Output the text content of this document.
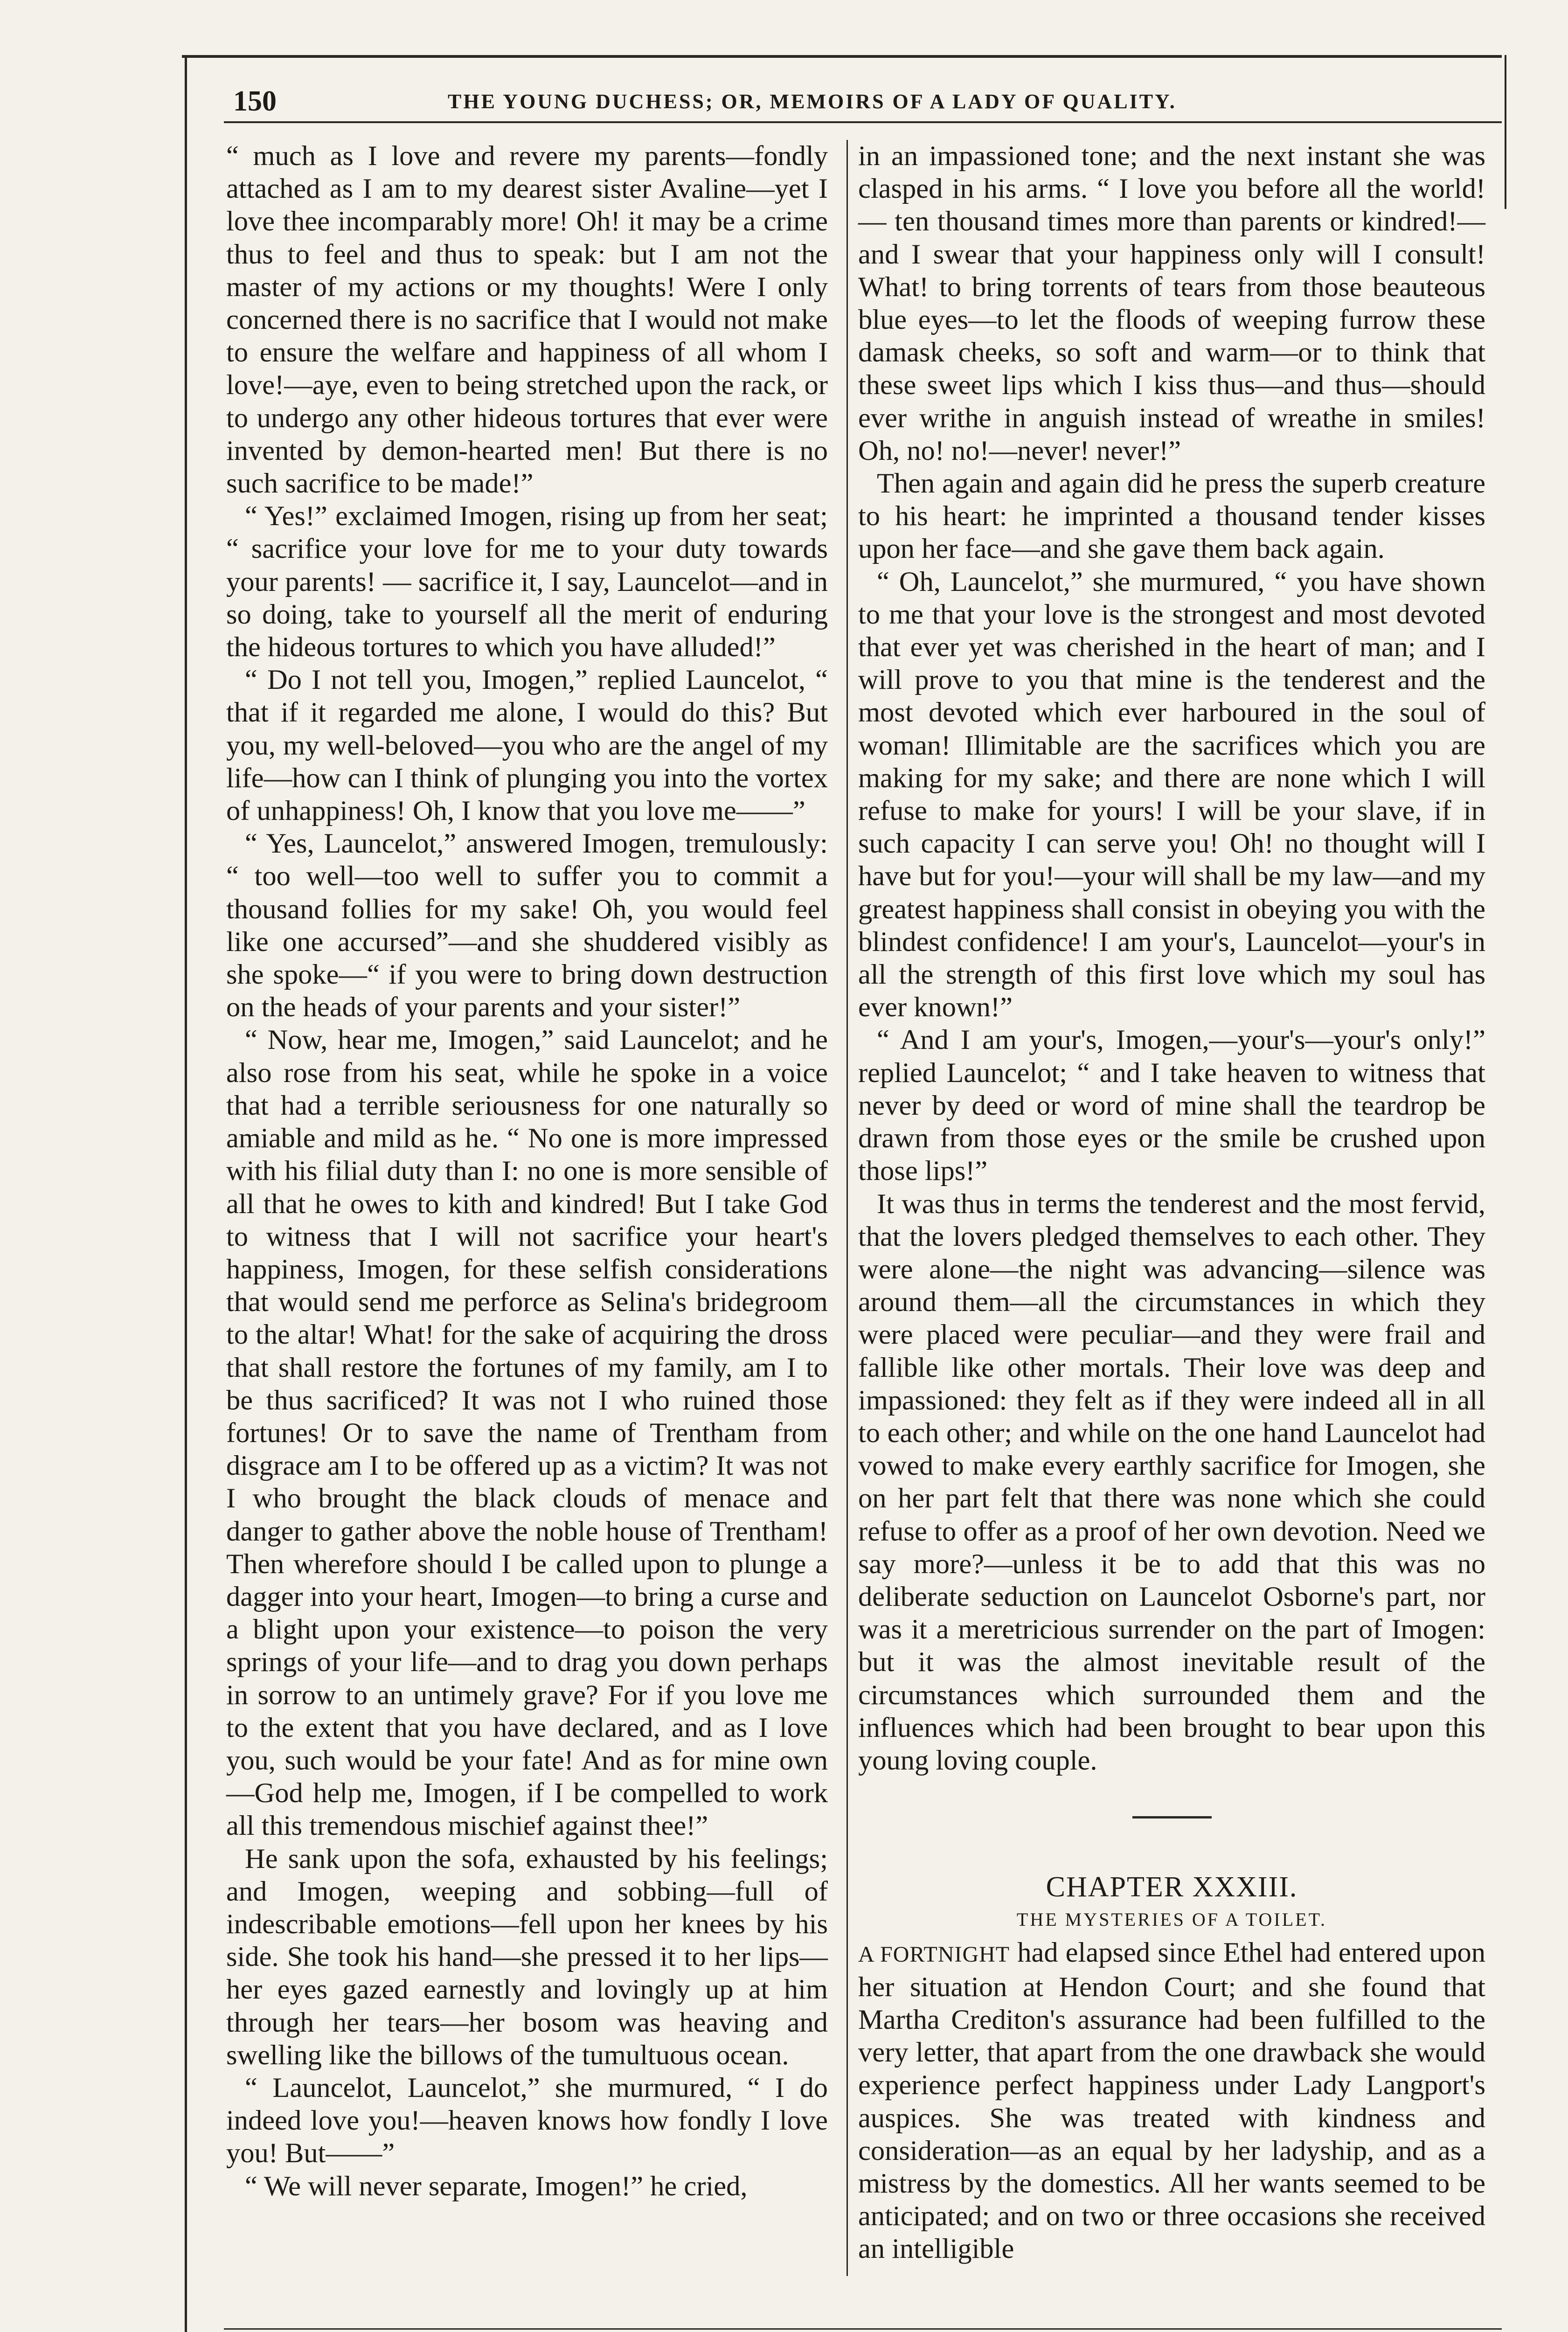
150	THE YOUNG DUCHESS; OR, MEMOIRS OF A LADY OF QUALITY.

“ much as I love and revere my parents—fondly attached as I am to my dearest sister Avaline—yet I love thee incomparably more! Oh! it may be a crime thus to feel and thus to speak: but I am not the master of my actions or my thoughts! Were I only concerned there is no sacrifice that I would not make to ensure the welfare and happiness of all whom I love!—aye, even to being stretched upon the rack, or to undergo any other hideous tortures that ever were invented by demon-hearted men! But there is no such sacrifice to be made!”

“ Yes!” exclaimed Imogen, rising up from her seat; “ sacrifice your love for me to your duty towards your parents! — sacrifice it, I say, Launcelot—and in so doing, take to yourself all the merit of enduring the hideous tortures to which you have alluded!”

“ Do I not tell you, Imogen,” replied Launcelot, “ that if it regarded me alone, I would do this? But you, my well-beloved—you who are the angel of my life—how can I think of plunging you into the vortex of unhappiness! Oh, I know that you love me——”

“ Yes, Launcelot,” answered Imogen, tremulously: “ too well—too well to suffer you to commit a thousand follies for my sake! Oh, you would feel like one accursed”—and she shuddered visibly as she spoke—“ if you were to bring down destruction on the heads of your parents and your sister!”

“ Now, hear me, Imogen,” said Launcelot; and he also rose from his seat, while he spoke in a voice that had a terrible seriousness for one naturally so amiable and mild as he. “ No one is more impressed with his filial duty than I: no one is more sensible of all that he owes to kith and kindred! But I take God to witness that I will not sacrifice your heart's happiness, Imogen, for these selfish considerations that would send me perforce as Selina's bridegroom to the altar! What! for the sake of acquiring the dross that shall restore the fortunes of my family, am I to be thus sacrificed? It was not I who ruined those fortunes! Or to save the name of Trentham from disgrace am I to be offered up as a victim? It was not I who brought the black clouds of menace and danger to gather above the noble house of Trentham! Then wherefore should I be called upon to plunge a dagger into your heart, Imogen—to bring a curse and a blight upon your existence—to poison the very springs of your life—and to drag you down perhaps in sorrow to an untimely grave? For if you love me to the extent that you have declared, and as I love you, such would be your fate! And as for mine own—God help me, Imogen, if I be compelled to work all this tremendous mischief against thee!”

He sank upon the sofa, exhausted by his feelings; and Imogen, weeping and sobbing—full of indescribable emotions—fell upon her knees by his side. She took his hand—she pressed it to her lips—her eyes gazed earnestly and lovingly up at him through her tears—her bosom was heaving and swelling like the billows of the tumultuous ocean.

“ Launcelot, Launcelot,” she murmured, “ I do indeed love you!—heaven knows how fondly I love you! But——”

“ We will never separate, Imogen!” he cried,

in an impassioned tone; and the next instant she was clasped in his arms. “ I love you before all the world! — ten thousand times more than parents or kindred!—and I swear that your happiness only will I consult! What! to bring torrents of tears from those beauteous blue eyes—to let the floods of weeping furrow these damask cheeks, so soft and warm—or to think that these sweet lips which I kiss thus—and thus—should ever writhe in anguish instead of wreathe in smiles! Oh, no! no!—never! never!”

Then again and again did he press the superb creature to his heart: he imprinted a thousand tender kisses upon her face—and she gave them back again.

“ Oh, Launcelot,” she murmured, “ you have shown to me that your love is the strongest and most devoted that ever yet was cherished in the heart of man; and I will prove to you that mine is the tenderest and the most devoted which ever harboured in the soul of woman! Illimitable are the sacrifices which you are making for my sake; and there are none which I will refuse to make for yours! I will be your slave, if in such capacity I can serve you! Oh! no thought will I have but for you!—your will shall be my law—and my greatest happiness shall consist in obeying you with the blindest confidence! I am your's, Launcelot—your's in all the strength of this first love which my soul has ever known!”

“ And I am your's, Imogen,—your's—your's only!” replied Launcelot; “ and I take heaven to witness that never by deed or word of mine shall the teardrop be drawn from those eyes or the smile be crushed upon those lips!”

It was thus in terms the tenderest and the most fervid, that the lovers pledged themselves to each other. They were alone—the night was advancing—silence was around them—all the circumstances in which they were placed were peculiar—and they were frail and fallible like other mortals. Their love was deep and impassioned: they felt as if they were indeed all in all to each other; and while on the one hand Launcelot had vowed to make every earthly sacrifice for Imogen, she on her part felt that there was none which she could refuse to offer as a proof of her own devotion. Need we say more?—unless it be to add that this was no deliberate seduction on Launcelot Osborne's part, nor was it a meretricious surrender on the part of Imogen: but it was the almost inevitable result of the circumstances which surrounded them and the influences which had been brought to bear upon this young loving couple.

CHAPTER XXXIII.

THE MYSTERIES OF A TOILET.

A FORTNIGHT had elapsed since Ethel had entered upon her situation at Hendon Court; and she found that Martha Crediton's assurance had been fulfilled to the very letter, that apart from the one drawback she would experience perfect happiness under Lady Langport's auspices. She was treated with kindness and consideration—as an equal by her ladyship, and as a mistress by the domestics. All her wants seemed to be anticipated; and on two or three occasions she received an intelligible
